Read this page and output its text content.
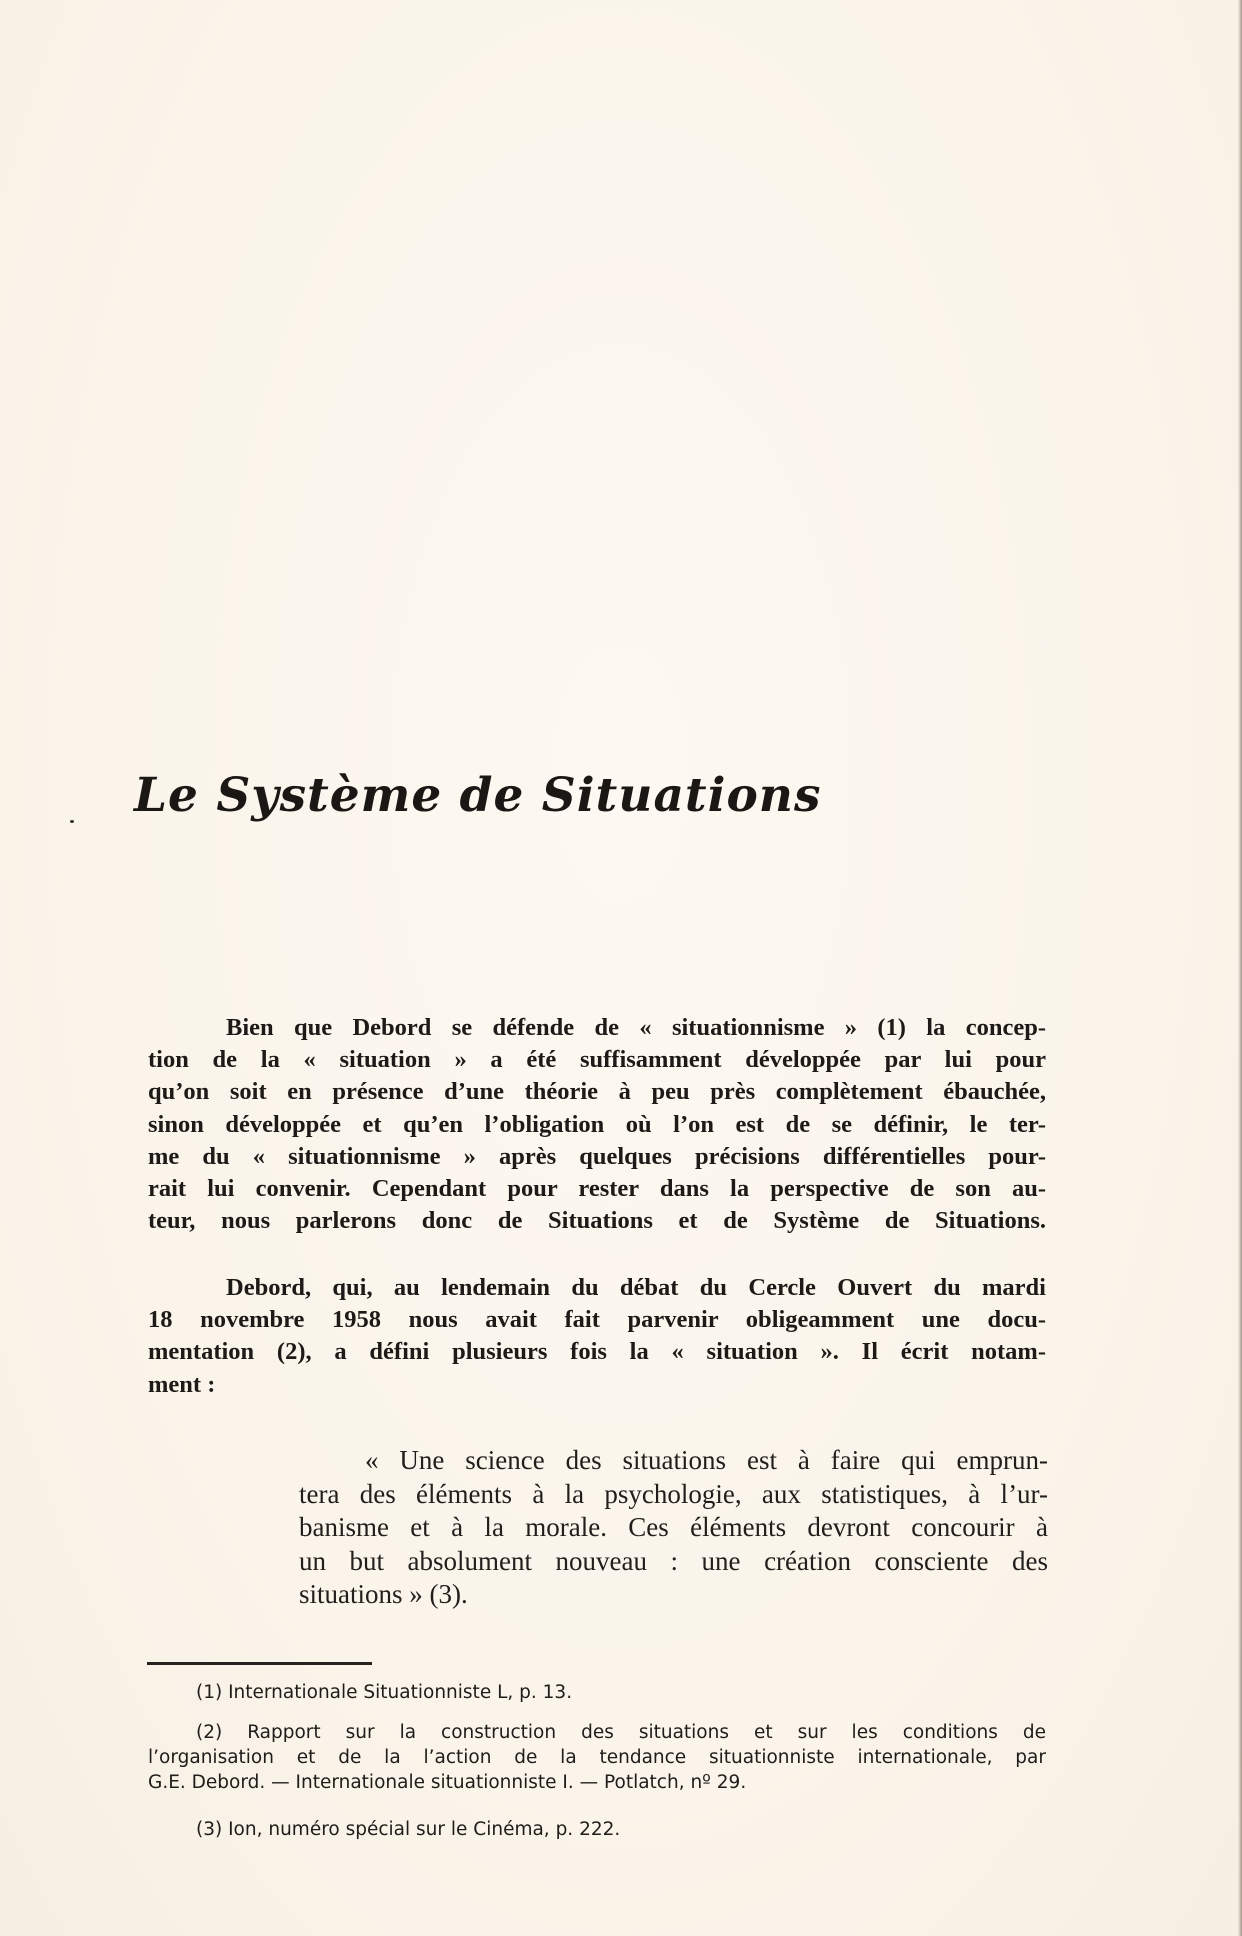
Le Système de Situations
Bien que Debord se défende de « situationnisme » (1) la concep-
tion de la « situation » a été suffisamment développée par lui pour
qu’on soit en présence d’une théorie à peu près complètement ébauchée,
sinon développée et qu’en l’obligation où l’on est de se définir, le ter-
me du « situationnisme » après quelques précisions différentielles pour-
rait lui convenir. Cependant pour rester dans la perspective de son au-
teur, nous parlerons donc de Situations et de Système de Situations.
Debord, qui, au lendemain du débat du Cercle Ouvert du mardi
18 novembre 1958 nous avait fait parvenir obligeamment une docu-
mentation (2), a défini plusieurs fois la « situation ». Il écrit notam-
ment :
« Une science des situations est à faire qui emprun-
tera des éléments à la psychologie, aux statistiques, à l’ur-
banisme et à la morale. Ces éléments devront concourir à
un but absolument nouveau : une création consciente des
situations » (3).
(1) Internationale Situationniste L, p. 13.
(2) Rapport sur la construction des situations et sur les conditions de
l’organisation et de la l’action de la tendance situationniste internationale, par
G.E. Debord. — Internationale situationniste I. — Potlatch, nº 29.
(3) Ion, numéro spécial sur le Cinéma, p. 222.
